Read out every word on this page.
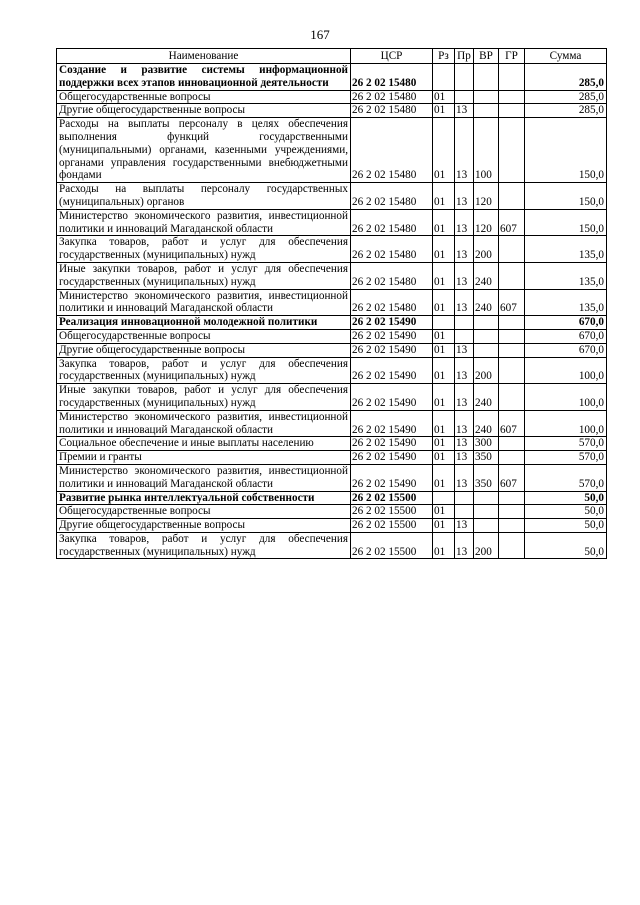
167
Наименование	ЦСР	Рз	Пр	ВР	ГР	Сумма
Создание и развитие системы информационной поддержки всех этапов инновационной деятельности	26 2 02 15480					285,0
Общегосударственные вопросы	26 2 02 15480	01				285,0
Другие общегосударственные вопросы	26 2 02 15480	01	13			285,0
Расходы на выплаты персоналу в целях обеспечения выполнения функций государственными (муниципальными) органами, казенными учреждениями, органами управления государственными внебюджетными фондами	26 2 02 15480	01	13	100		150,0
Расходы на выплаты персоналу государственных (муниципальных) органов	26 2 02 15480	01	13	120		150,0
Министерство экономического развития, инвестиционной политики и инноваций Магаданской области	26 2 02 15480	01	13	120	607	150,0
Закупка товаров, работ и услуг для обеспечения государственных (муниципальных) нужд	26 2 02 15480	01	13	200		135,0
Иные закупки товаров, работ и услуг для обеспечения государственных (муниципальных) нужд	26 2 02 15480	01	13	240		135,0
Министерство экономического развития, инвестиционной политики и инноваций Магаданской области	26 2 02 15480	01	13	240	607	135,0
Реализация инновационной молодежной политики	26 2 02 15490					670,0
Общегосударственные вопросы	26 2 02 15490	01				670,0
Другие общегосударственные вопросы	26 2 02 15490	01	13			670,0
Закупка товаров, работ и услуг для обеспечения государственных (муниципальных) нужд	26 2 02 15490	01	13	200		100,0
Иные закупки товаров, работ и услуг для обеспечения государственных (муниципальных) нужд	26 2 02 15490	01	13	240		100,0
Министерство экономического развития, инвестиционной политики и инноваций Магаданской области	26 2 02 15490	01	13	240	607	100,0
Социальное обеспечение и иные выплаты населению	26 2 02 15490	01	13	300		570,0
Премии и гранты	26 2 02 15490	01	13	350		570,0
Министерство экономического развития, инвестиционной политики и инноваций Магаданской области	26 2 02 15490	01	13	350	607	570,0
Развитие рынка интеллектуальной собственности	26 2 02 15500					50,0
Общегосударственные вопросы	26 2 02 15500	01				50,0
Другие общегосударственные вопросы	26 2 02 15500	01	13			50,0
Закупка товаров, работ и услуг для обеспечения государственных (муниципальных) нужд	26 2 02 15500	01	13	200		50,0
